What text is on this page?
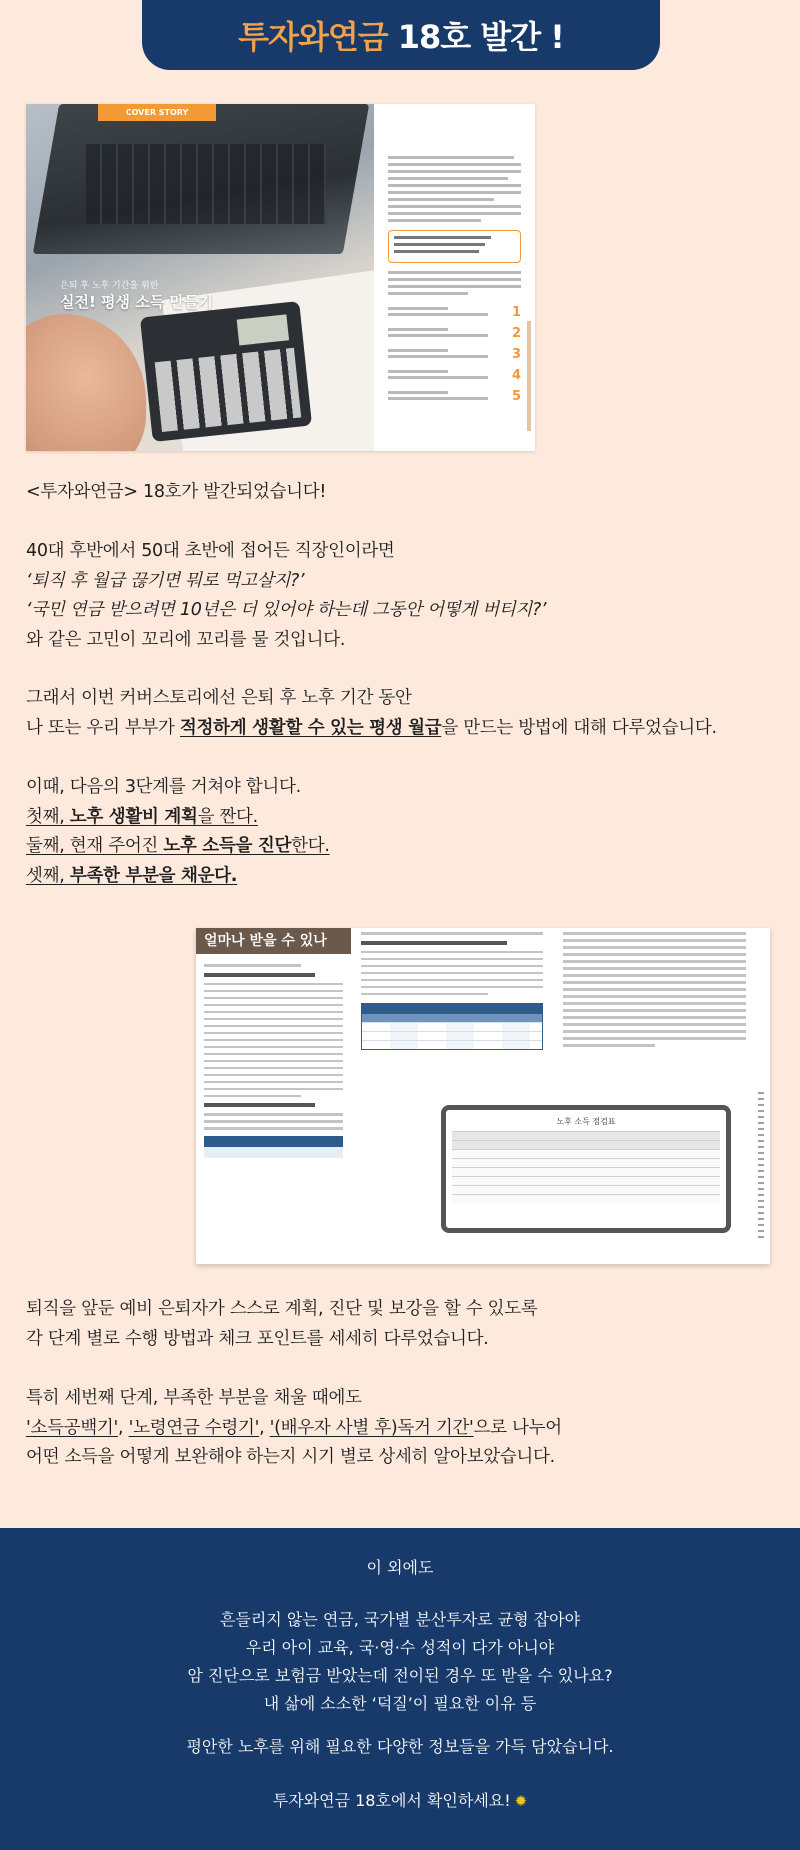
투자와연금 18호 발간 !
COVER STORY
은퇴 후 노후 기간을 위한
실전! 평생 소득 만들기
1
2
3
4
5

<투자와연금> 18호가 발간되었습니다!

40대 후반에서 50대 초반에 접어든 직장인이라면

‘퇴직 후 월급 끊기면 뭐로 먹고살지?’

‘국민 연금 받으려면 10년은 더 있어야 하는데 그동안 어떻게 버티지?’

와 같은 고민이 꼬리에 꼬리를 물 것입니다.

그래서 이번 커버스토리에선 은퇴 후 노후 기간 동안

나 또는 우리 부부가 적정하게 생활할 수 있는 평생 월급을 만드는 방법에 대해 다루었습니다.

이때, 다음의 3단계를 거쳐야 합니다.

첫째, 노후 생활비 계획을 짠다.

둘째, 현재 주어진 노후 소득을 진단한다.

셋째, 부족한 부분을 채운다.

얼마나 받을 수 있나
노후 소득 점검표

퇴직을 앞둔 예비 은퇴자가 스스로 계획, 진단 및 보강을 할 수 있도록

각 단계 별로 수행 방법과 체크 포인트를 세세히 다루었습니다.

특히 세번째 단계, 부족한 부분을 채울 때에도

'소득공백기', '노령연금 수령기', '(배우자 사별 후)독거 기간'으로 나누어

어떤 소득을 어떻게 보완해야 하는지 시기 별로 상세히 알아보았습니다.

이 외에도

흔들리지 않는 연금, 국가별 분산투자로 균형 잡아야

우리 아이 교육, 국·영·수 성적이 다가 아니야

암 진단으로 보험금 받았는데 전이된 경우 또 받을 수 있나요?

내 삶에 소소한 ‘덕질’이 필요한 이유 등

평안한 노후를 위해 필요한 다양한 정보들을 가득 담았습니다.
투자와연금 18호에서 확인하세요! ✹
